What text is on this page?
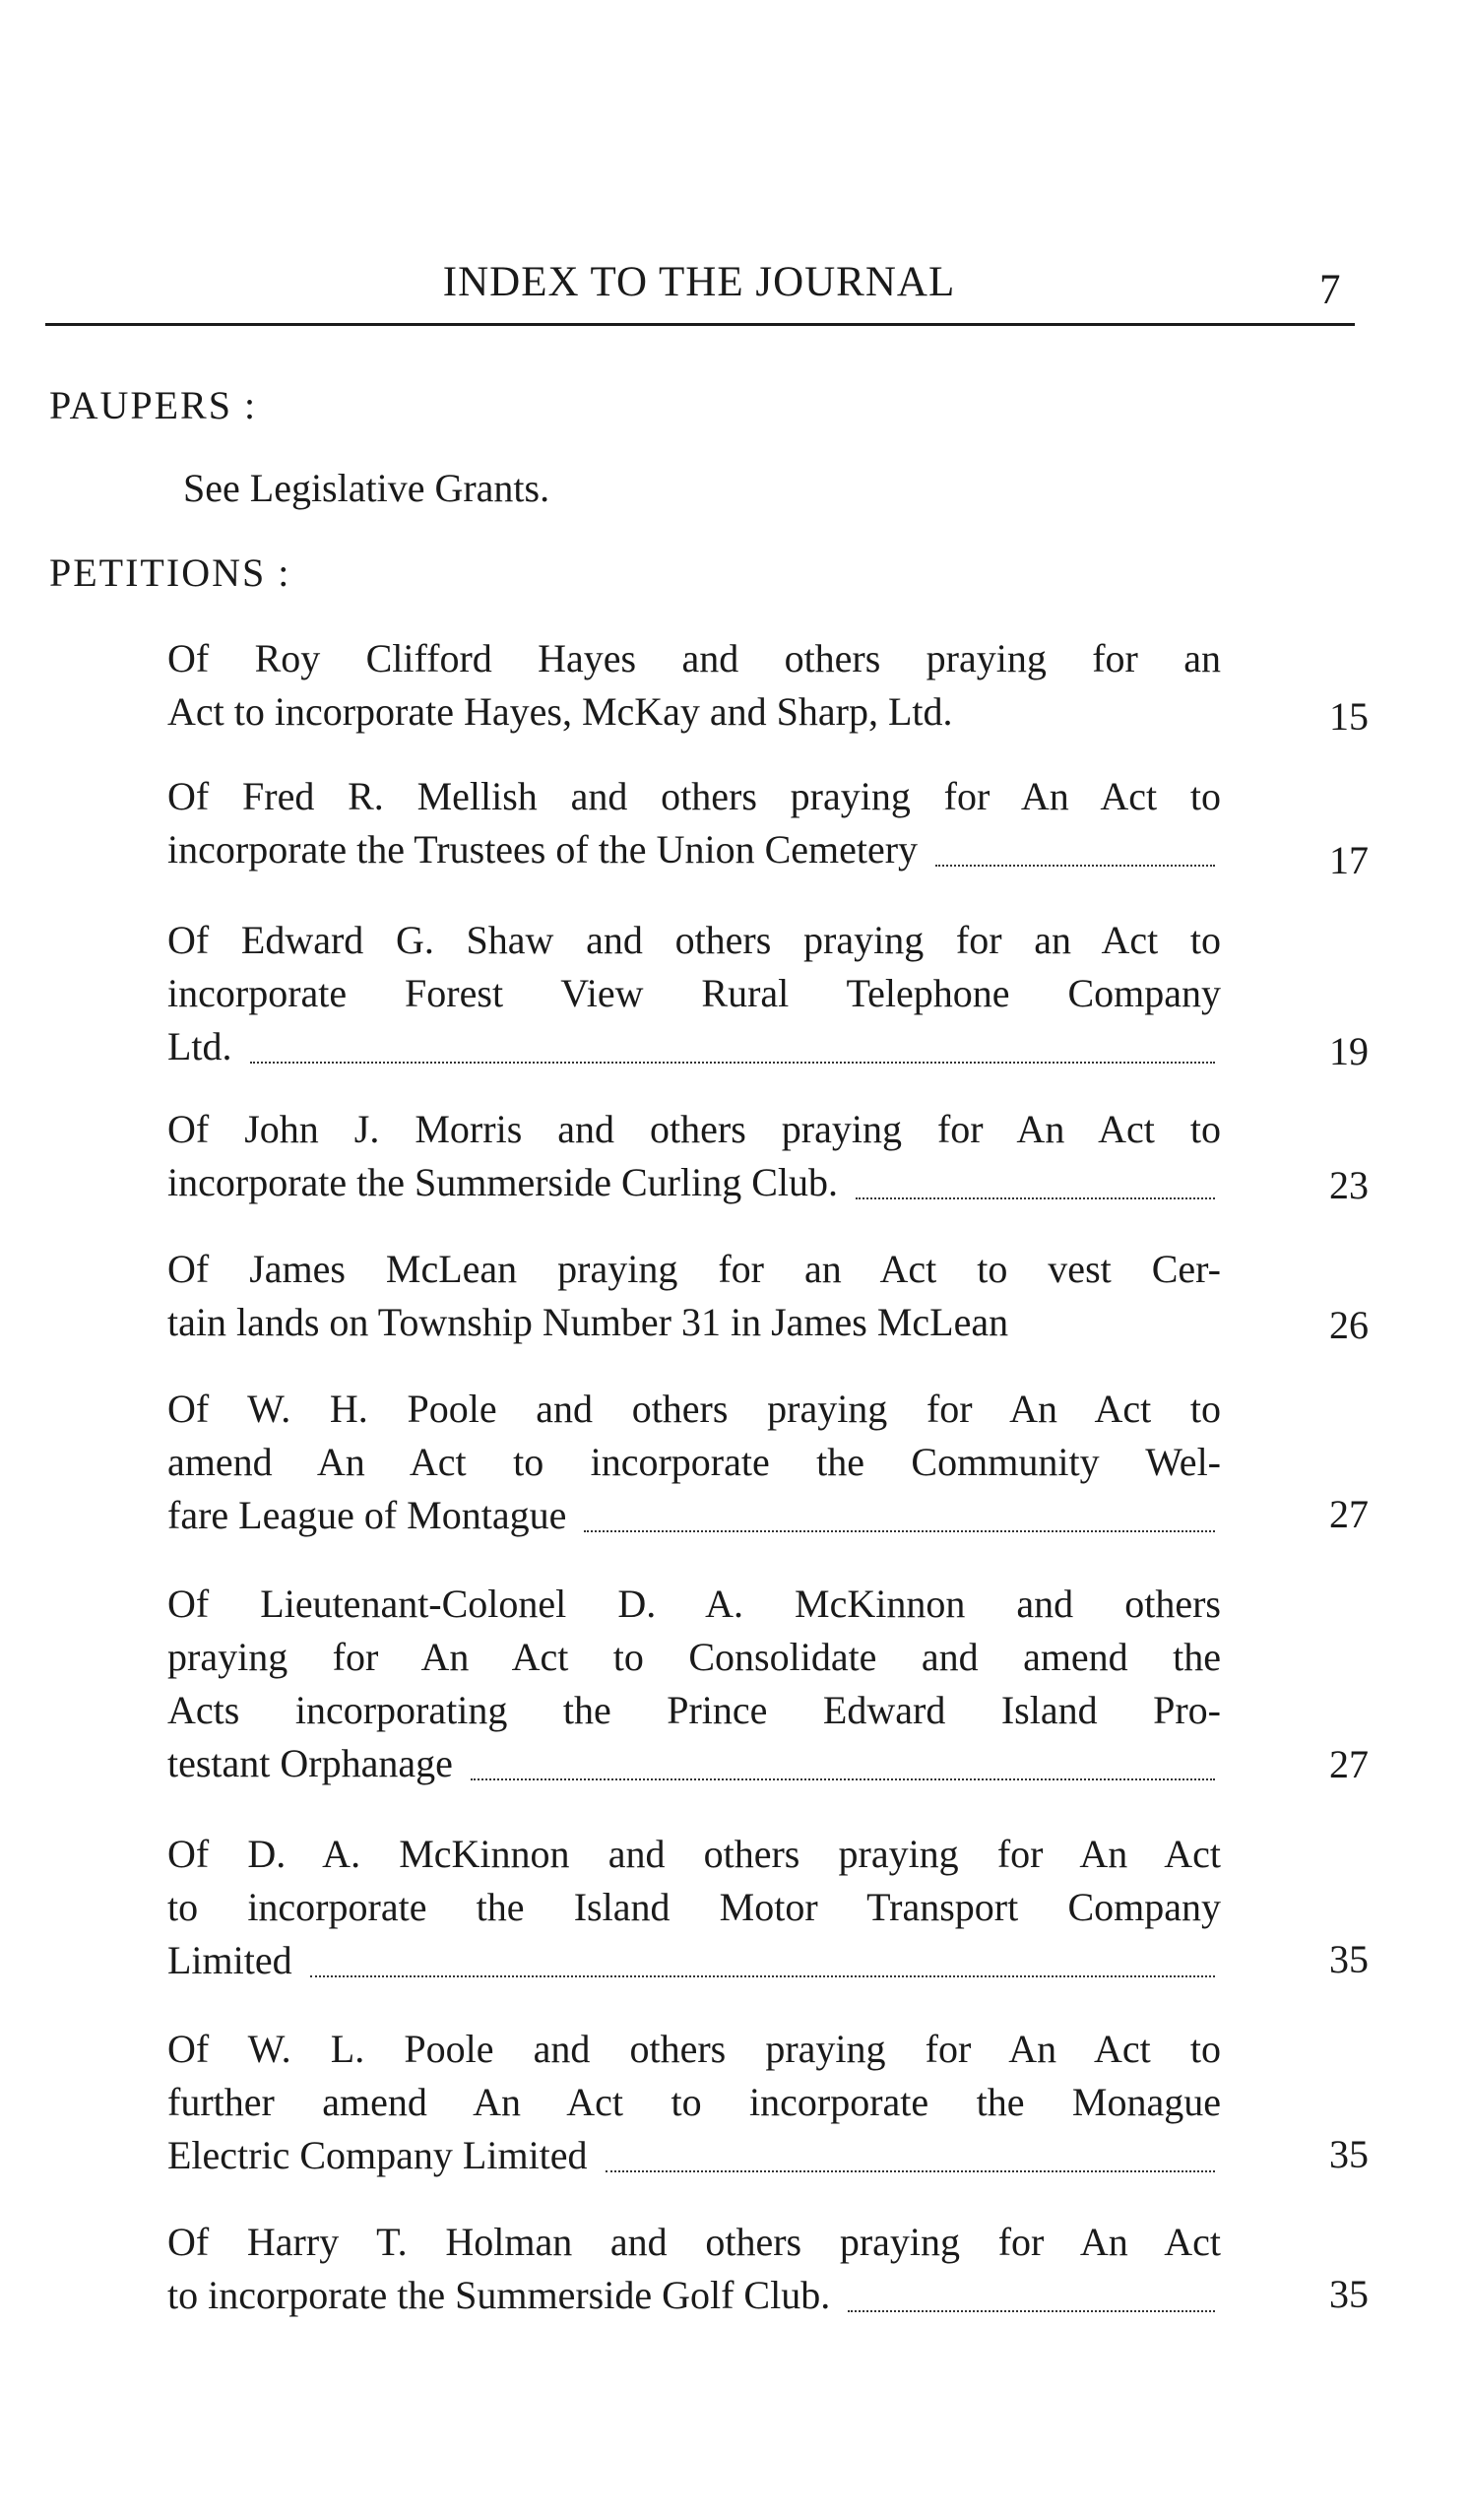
INDEX TO THE JOURNAL	7
PAUPERS :
See Legislative Grants.
PETITIONS :
Of Roy Clifford Hayes and others praying for an
Act to incorporate Hayes, McKay and Sharp, Ltd.	15
Of Fred R. Mellish and others praying for An Act to
incorporate the Trustees of the Union Cemetery	17
Of Edward G. Shaw and others praying for an Act to
incorporate Forest View Rural Telephone Company
Ltd.	19
Of John J. Morris and others praying for An Act to
incorporate the Summerside Curling Club.	23
Of James McLean praying for an Act to vest Cer-
tain lands on Township Number 31 in James McLean	26
Of W. H. Poole and others praying for An Act to
amend An Act to incorporate the Community Wel-
fare League of Montague	27
Of Lieutenant-Colonel D. A. McKinnon and others
praying for An Act to Consolidate and amend the
Acts incorporating the Prince Edward Island Pro-
testant Orphanage	27
Of D. A. McKinnon and others praying for An Act
to incorporate the Island Motor Transport Company
Limited	35
Of W. L. Poole and others praying for An Act to
further amend An Act to incorporate the Monague
Electric Company Limited	35
Of Harry T. Holman and others praying for An Act
to incorporate the Summerside Golf Club.	35
